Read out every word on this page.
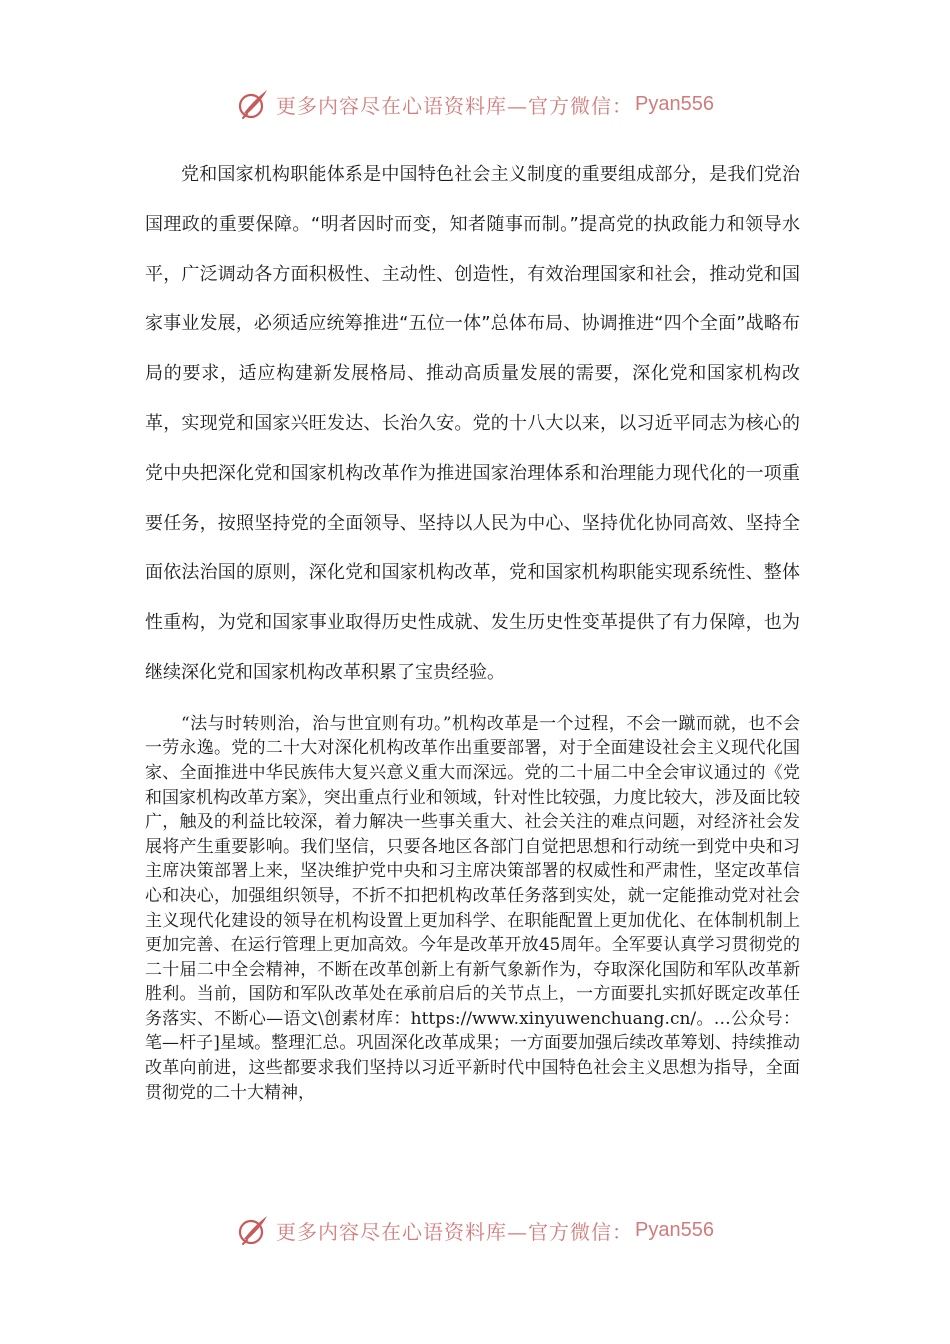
更多内容尽在心语资料库—官方微信： Pyan556

党和国家机构职能体系是中国特色社会主义制度的重要组成部分，是我们党治国理政的重要保障。“明者因时而变，知者随事而制。”提高党的执政能力和领导水平，广泛调动各方面积极性、主动性、创造性，有效治理国家和社会，推动党和国家事业发展，必须适应统筹推进“五位一体”总体布局、协调推进“四个全面”战略布局的要求，适应构建新发展格局、推动高质量发展的需要，深化党和国家机构改革，实现党和国家兴旺发达、长治久安。党的十八大以来，以习近平同志为核心的党中央把深化党和国家机构改革作为推进国家治理体系和治理能力现代化的一项重要任务，按照坚持党的全面领导、坚持以人民为中心、坚持优化协同高效、坚持全面依法治国的原则，深化党和国家机构改革，党和国家机构职能实现系统性、整体性重构，为党和国家事业取得历史性成就、发生历史性变革提供了有力保障，也为继续深化党和国家机构改革积累了宝贵经验。

“法与时转则治，治与世宜则有功。”机构改革是一个过程，不会一蹴而就，也不会一劳永逸。党的二十大对深化机构改革作出重要部署，对于全面建设社会主义现代化国家、全面推进中华民族伟大复兴意义重大而深远。党的二十届二中全会审议通过的《党和国家机构改革方案》，突出重点行业和领域，针对性比较强，力度比较大，涉及面比较广，触及的利益比较深，着力解决一些事关重大、社会关注的难点问题，对经济社会发展将产生重要影响。我们坚信，只要各地区各部门自觉把思想和行动统一到党中央和习主席决策部署上来，坚决维护党中央和习主席决策部署的权威性和严肃性，坚定改革信心和决心，加强组织领导，不折不扣把机构改革任务落到实处，就一定能推动党对社会主义现代化建设的领导在机构设置上更加科学、在职能配置上更加优化、在体制机制上更加完善、在运行管理上更加高效。今年是改革开放45周年。全军要认真学习贯彻党的二十届二中全会精神，不断在改革创新上有新气象新作为，夺取深化国防和军队改革新胜利。当前，国防和军队改革处在承前启后的关节点上，一方面要扎实抓好既定改革任务落实、不断心—语文\创素材库：https://www.xinyuwenchuang.cn/。…公众号：笔—杆子]星域。整理汇总。巩固深化改革成果；一方面要加强后续改革筹划、持续推动改革向前进，这些都要求我们坚持以习近平新时代中国特色社会主义思想为指导，全面贯彻党的二十大精神，

更多内容尽在心语资料库—官方微信： Pyan556
